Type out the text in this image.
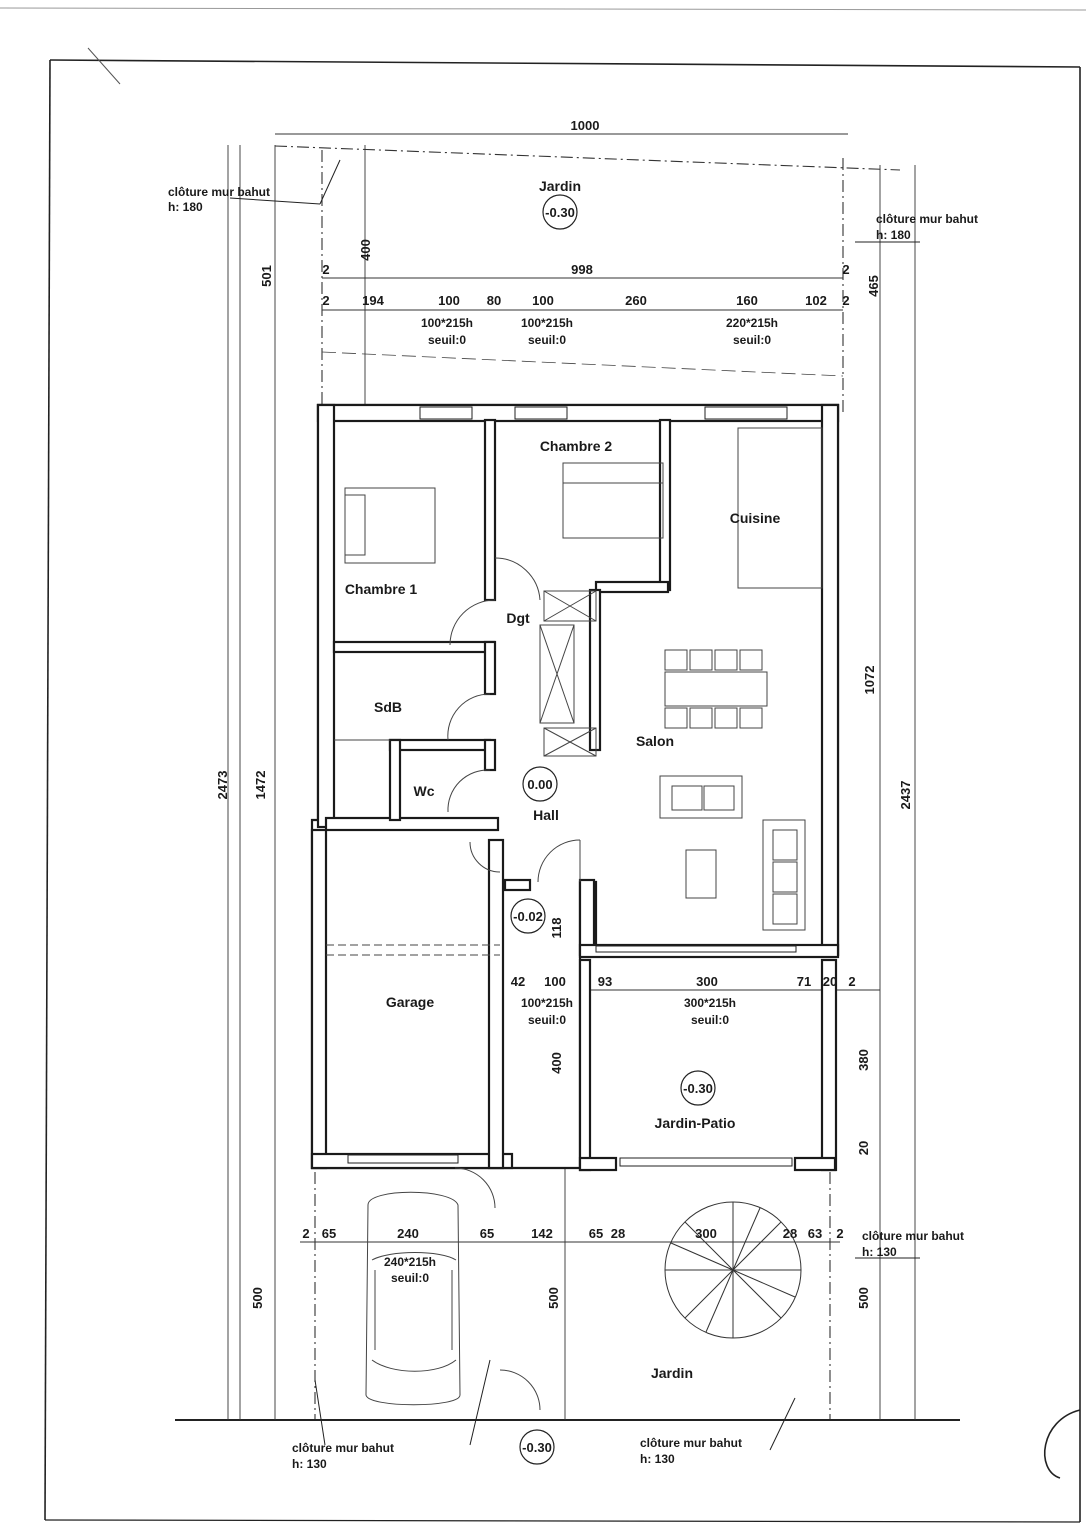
Jardin
Chambre 2
Cuisine
Chambre 1
Dgt
SdB
Salon
Wc
Hall
Garage
Jardin-Patio
Jardin
-0.30
0.00
-0.02
-0.30
-0.30
clôture mur bahut
h: 180
clôture mur bahut
h: 180
clôture mur bahut
h: 130
clôture mur bahut
h: 130
clôture mur bahut
h: 130
100*215h
seuil:0
100*215h
seuil:0
220*215h
seuil:0
100*215h
seuil:0
300*215h
seuil:0
240*215h
seuil:0
1000
998
2	2
2	194	100 80 100	260	160	102 2
42 100 93	300	71 20 2
2 65	240	65	142	65 28	300	28 63 2
400
501	465
2473 1472
1072
2437
118
400	380
20
500	500	500
